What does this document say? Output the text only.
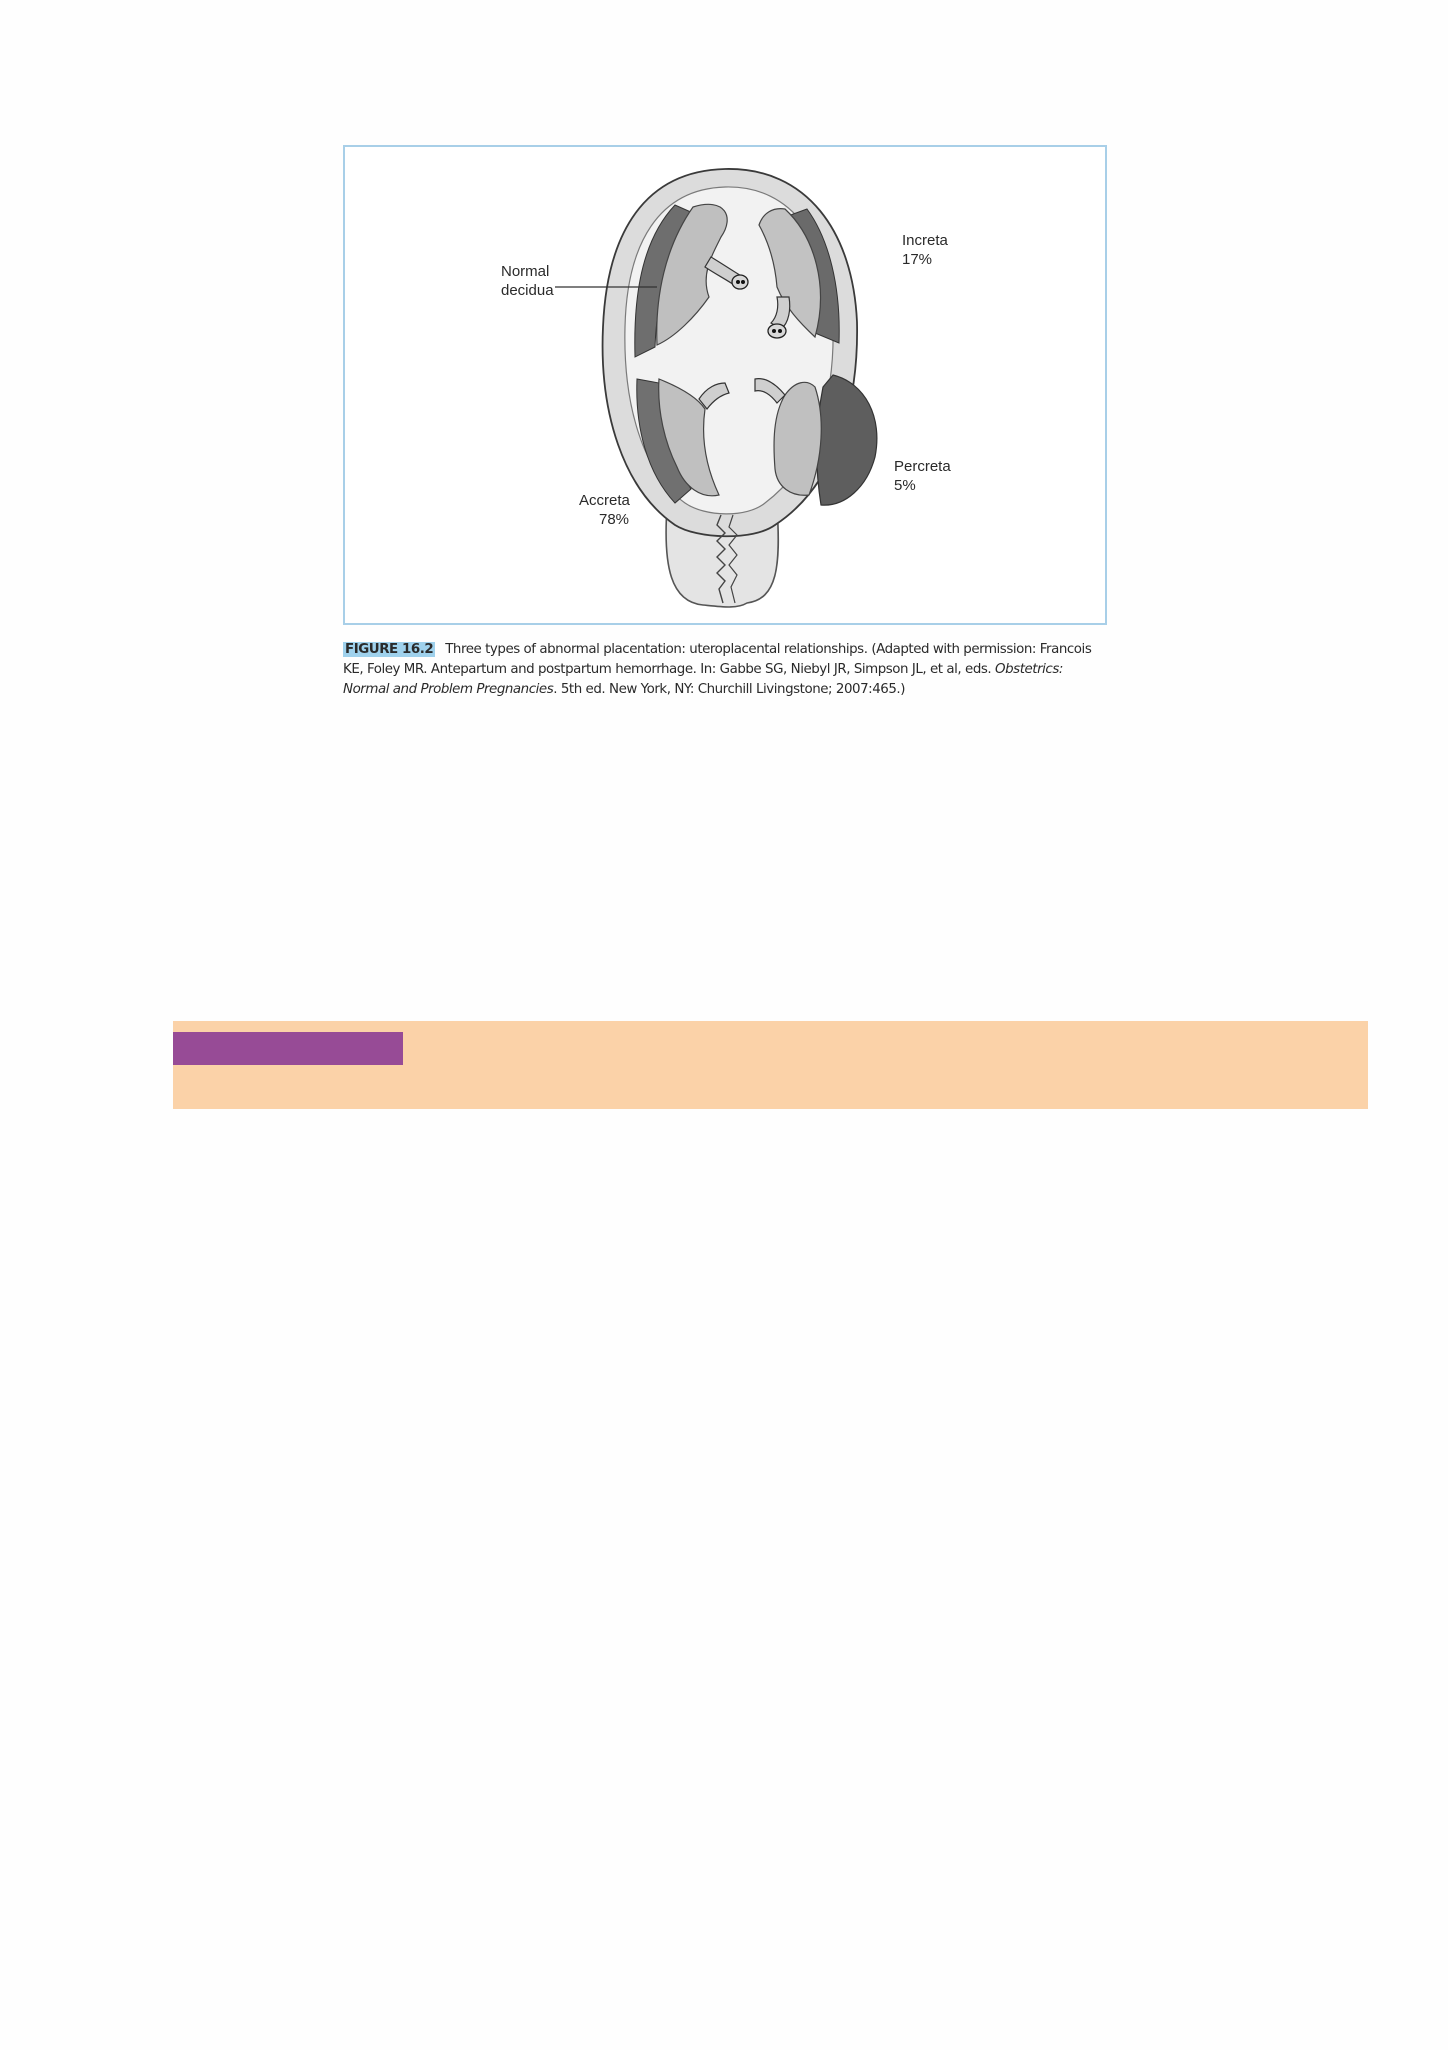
Normal
decidua
Increta
17%
Percreta
5%
Accreta
78%
FIGURE 16.2 Three types of abnormal placentation: uteroplacental relationships. (Adapted with permission: Francois KE, Foley MR. Antepartum and postpartum hemorrhage. In: Gabbe SG, Niebyl JR, Simpson JL, et al, eds. Obstetrics: Normal and Problem Pregnancies. 5th ed. New York, NY: Churchill Livingstone; 2007:465.)
